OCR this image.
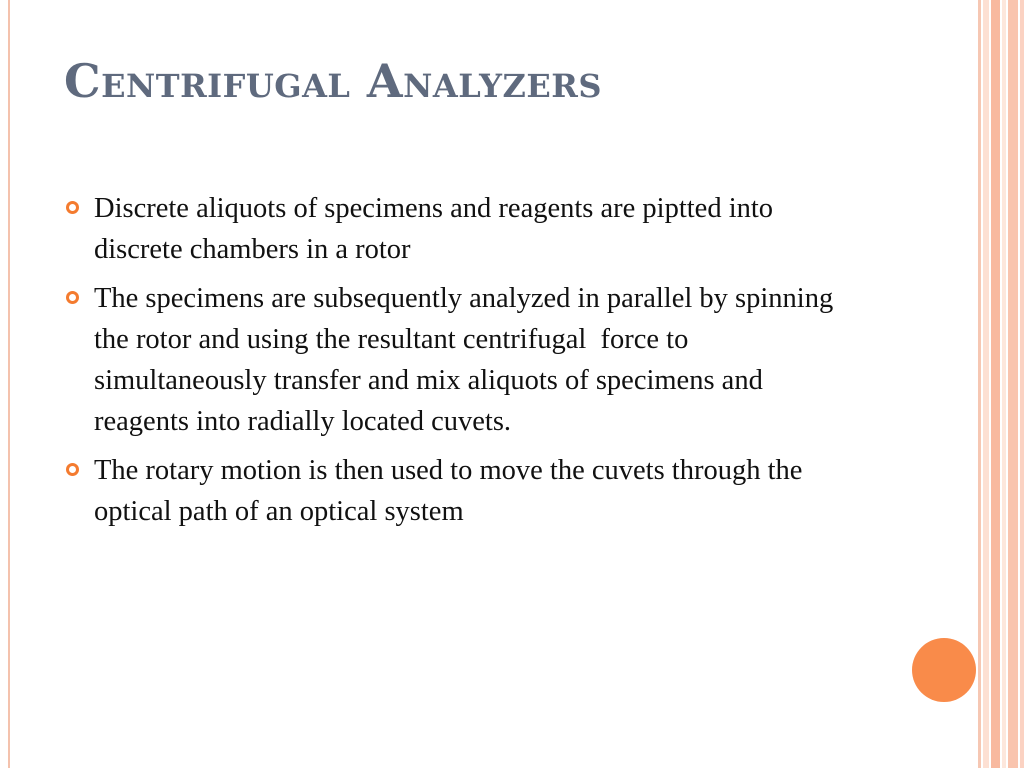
Centrifugal Analyzers
Discrete aliquots of specimens and reagents are piptted into discrete chambers in a rotor
The specimens are subsequently analyzed in parallel by spinning the rotor and using the resultant centrifugal  force to simultaneously transfer and mix aliquots of specimens and reagents into radially located cuvets.
The rotary motion is then used to move the cuvets through the optical path of an optical system
